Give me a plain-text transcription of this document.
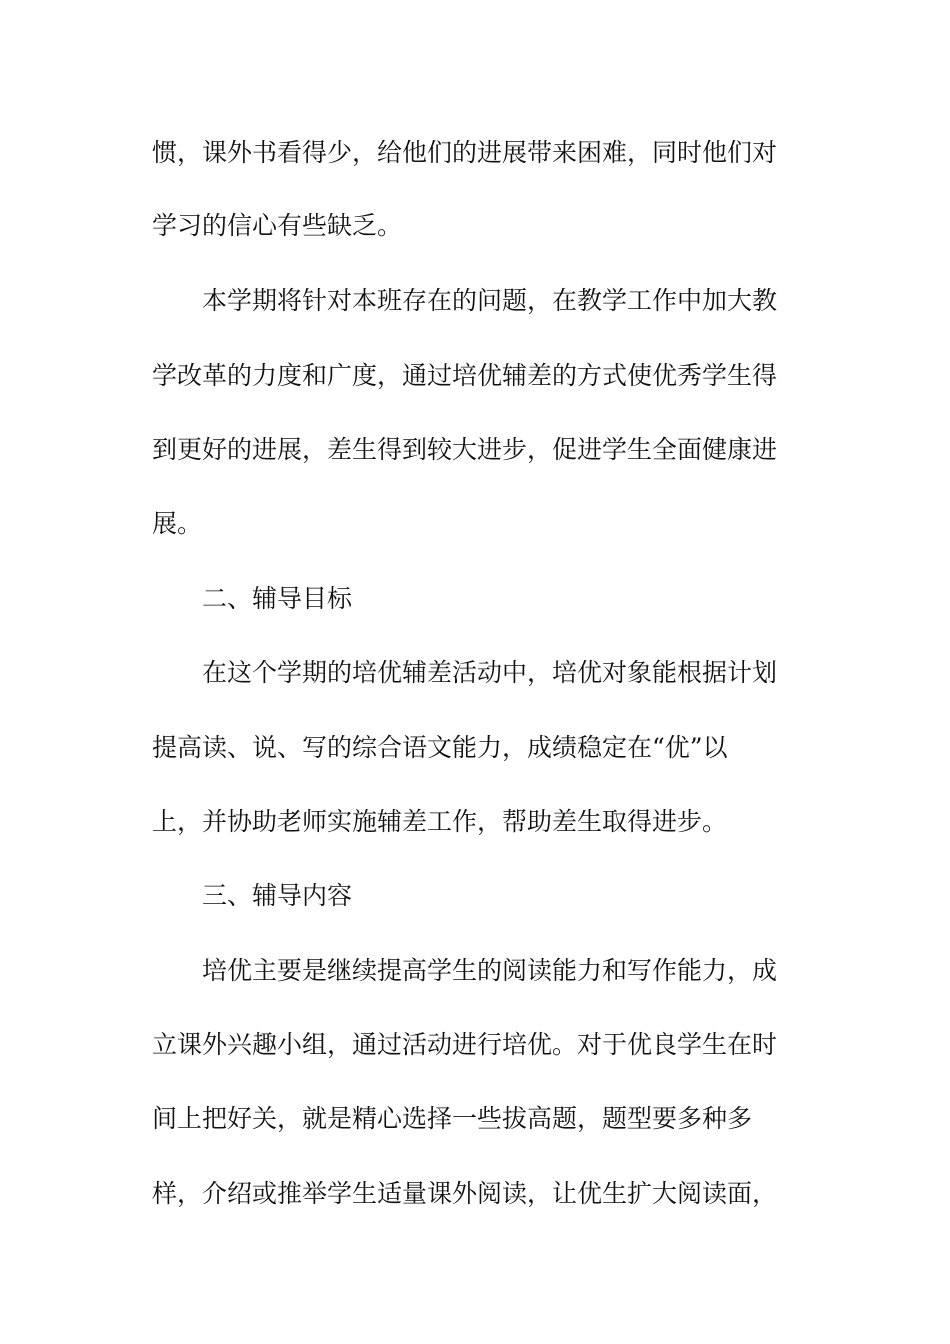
惯，课外书看得少，给他们的进展带来困难，同时他们对
学习的信心有些缺乏。
本学期将针对本班存在的问题，在教学工作中加大教
学改革的力度和广度，通过培优辅差的方式使优秀学生得
到更好的进展，差生得到较大进步，促进学生全面健康进
展。
二、辅导目标
在这个学期的培优辅差活动中，培优对象能根据计划
提高读、说、写的综合语文能力，成绩稳定在“优”以
上，并协助老师实施辅差工作，帮助差生取得进步。
三、辅导内容
培优主要是继续提高学生的阅读能力和写作能力，成
立课外兴趣小组，通过活动进行培优。对于优良学生在时
间上把好关，就是精心选择一些拔高题，题型要多种多
样，介绍或推举学生适量课外阅读，让优生扩大阅读面，
